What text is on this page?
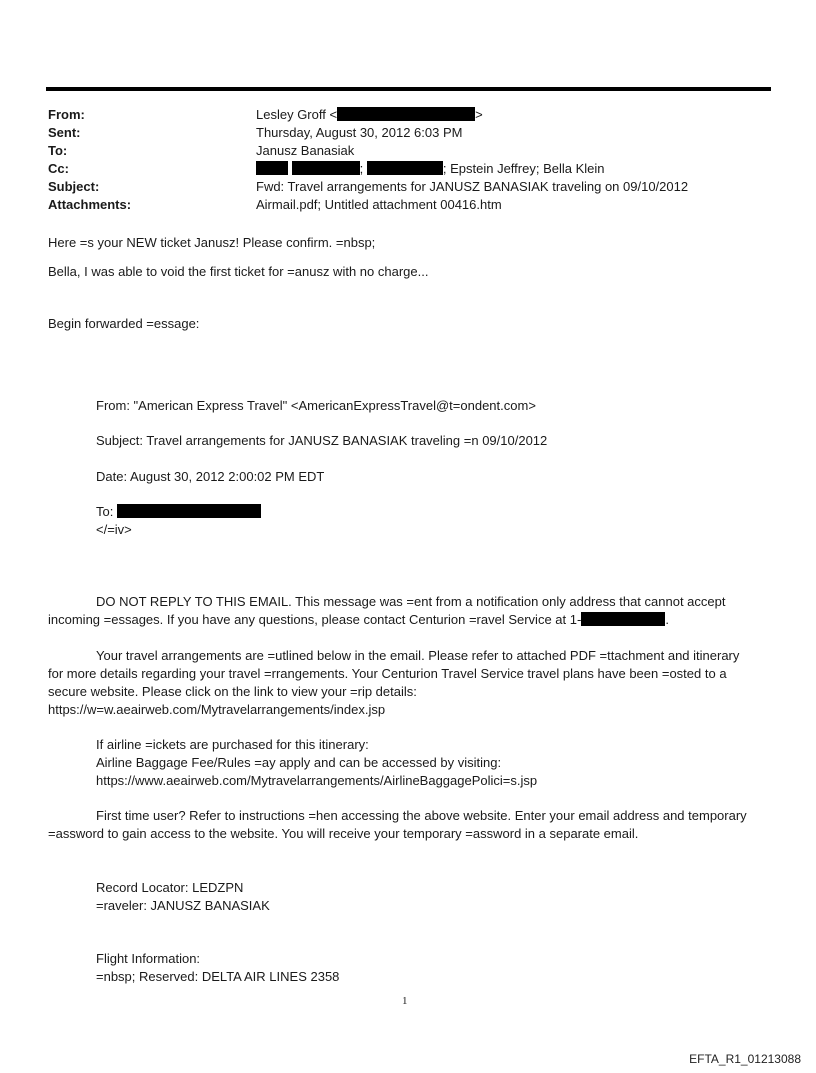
From:	Lesley Groff <	>
Sent:	Thursday, August 30, 2012 6:03 PM
To:	Janusz Banasiak
Cc:	;	; Epstein Jeffrey; Bella Klein
Subject:	Fwd: Travel arrangements for JANUSZ BANASIAK traveling on 09/10/2012
Attachments:	Airmail.pdf; Untitled attachment 00416.htm
Here =s your NEW ticket Janusz! Please confirm. =nbsp;
Bella, I was able to void the first ticket for =anusz with no charge...
Begin forwarded =essage:
From: "American Express Travel" <AmericanExpressTravel@t=ondent.com>
Subject: Travel arrangements for JANUSZ BANASIAK traveling =n 09/10/2012
Date: August 30, 2012 2:00:02 PM EDT
To:
</=iv>
DO NOT REPLY TO THIS EMAIL. This message was =ent from a notification only address that cannot accept incoming =essages. If you have any questions, please contact Centurion =ravel Service at 1-	.
Your travel arrangements are =utlined below in the email. Please refer to attached PDF =ttachment and itinerary for more details regarding your travel =rrangements. Your Centurion Travel Service travel plans have been =osted to a secure website. Please click on the link to view your =rip details: https://w=w.aeairweb.com/Mytravelarrangements/index.jsp
If airline =ickets are purchased for this itinerary:
Airline Baggage Fee/Rules =ay apply and can be accessed by visiting:
https://www.aeairweb.com/Mytravelarrangements/AirlineBaggagePolici=s.jsp
First time user? Refer to instructions =hen accessing the above website. Enter your email address and temporary =assword to gain access to the website. You will receive your temporary =assword in a separate email.
Record Locator: LEDZPN
=raveler: JANUSZ BANASIAK
Flight Information:
=nbsp; Reserved: DELTA AIR LINES 2358
1
EFTA_R1_01213088
